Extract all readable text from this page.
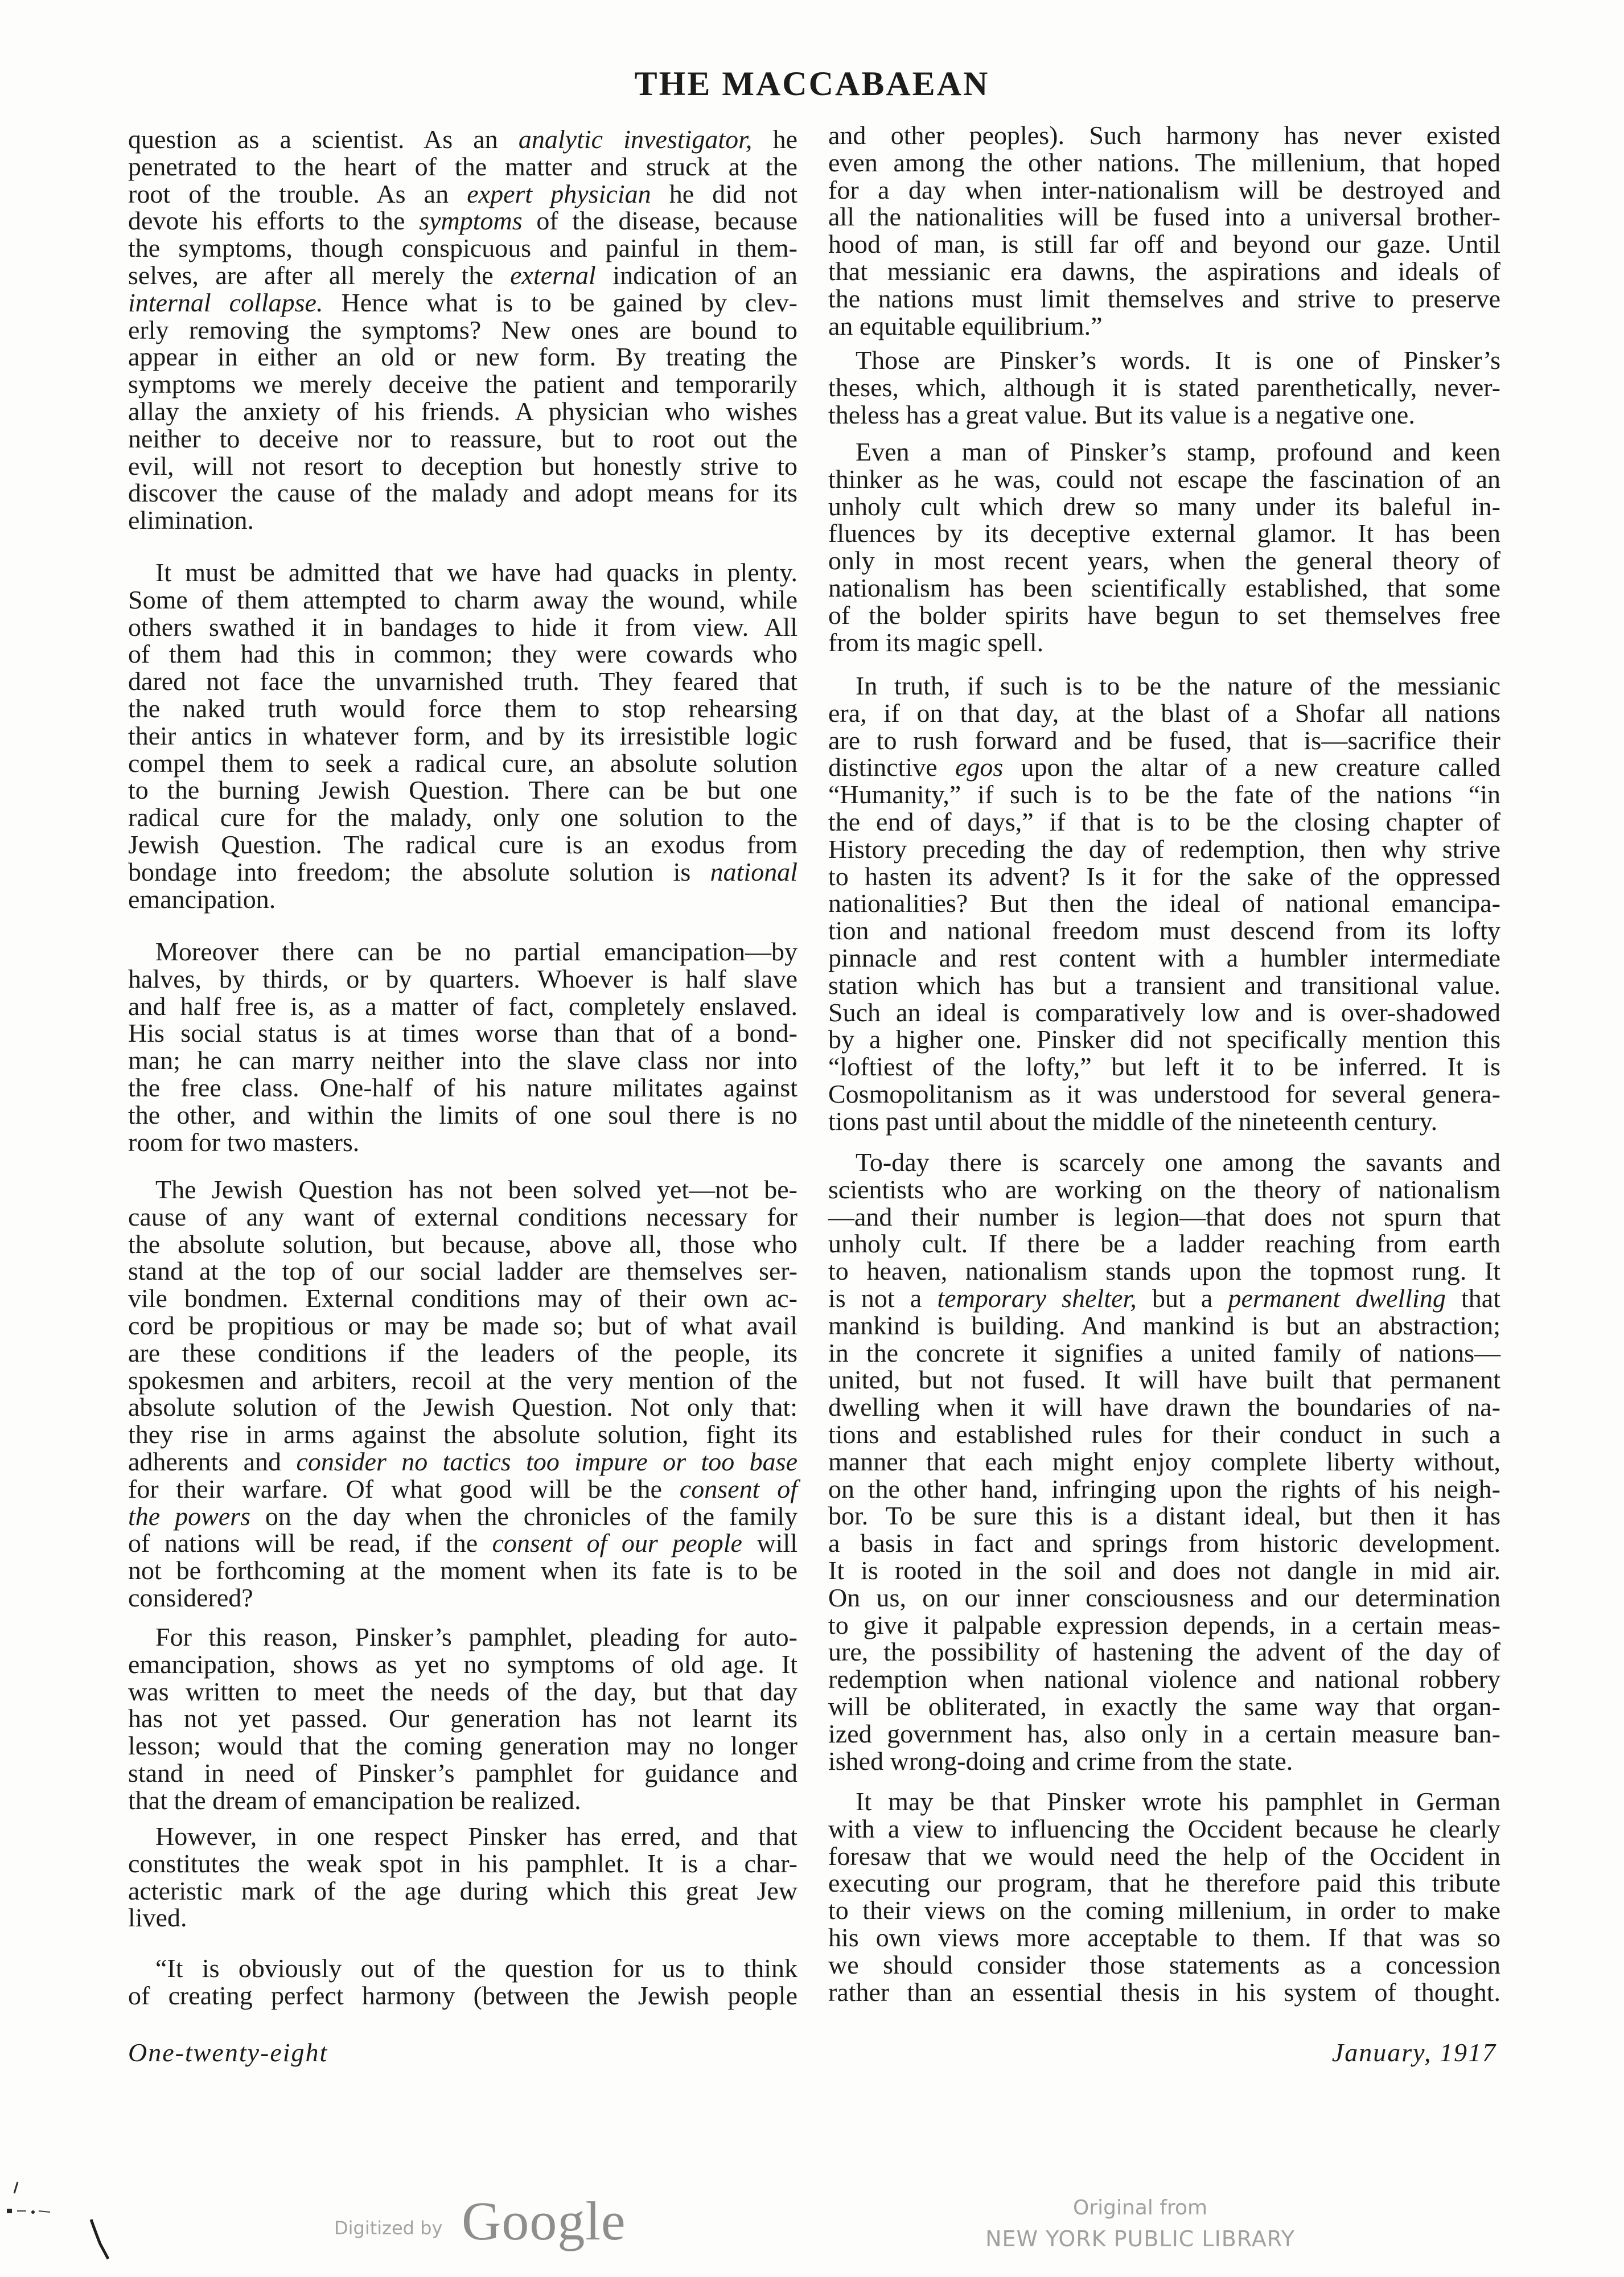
THE MACCABAEAN
question as a scientist. As an analytic investigator, he
penetrated to the heart of the matter and struck at the
root of the trouble. As an expert physician he did not
devote his efforts to the symptoms of the disease, because
the symptoms, though conspicuous and painful in them-
selves, are after all merely the external indication of an
internal collapse. Hence what is to be gained by clev-
erly removing the symptoms? New ones are bound to
appear in either an old or new form. By treating the
symptoms we merely deceive the patient and temporarily
allay the anxiety of his friends. A physician who wishes
neither to deceive nor to reassure, but to root out the
evil, will not resort to deception but honestly strive to
discover the cause of the malady and adopt means for its
elimination.
It must be admitted that we have had quacks in plenty.
Some of them attempted to charm away the wound, while
others swathed it in bandages to hide it from view. All
of them had this in common; they were cowards who
dared not face the unvarnished truth. They feared that
the naked truth would force them to stop rehearsing
their antics in whatever form, and by its irresistible logic
compel them to seek a radical cure, an absolute solution
to the burning Jewish Question. There can be but one
radical cure for the malady, only one solution to the
Jewish Question. The radical cure is an exodus from
bondage into freedom; the absolute solution is national
emancipation.
Moreover there can be no partial emancipation—by
halves, by thirds, or by quarters. Whoever is half slave
and half free is, as a matter of fact, completely enslaved.
His social status is at times worse than that of a bond-
man; he can marry neither into the slave class nor into
the free class. One-half of his nature militates against
the other, and within the limits of one soul there is no
room for two masters.
The Jewish Question has not been solved yet—not be-
cause of any want of external conditions necessary for
the absolute solution, but because, above all, those who
stand at the top of our social ladder are themselves ser-
vile bondmen. External conditions may of their own ac-
cord be propitious or may be made so; but of what avail
are these conditions if the leaders of the people, its
spokesmen and arbiters, recoil at the very mention of the
absolute solution of the Jewish Question. Not only that:
they rise in arms against the absolute solution, fight its
adherents and consider no tactics too impure or too base
for their warfare. Of what good will be the consent of
the powers on the day when the chronicles of the family
of nations will be read, if the consent of our people will
not be forthcoming at the moment when its fate is to be
considered?
For this reason, Pinsker’s pamphlet, pleading for auto-
emancipation, shows as yet no symptoms of old age. It
was written to meet the needs of the day, but that day
has not yet passed. Our generation has not learnt its
lesson; would that the coming generation may no longer
stand in need of Pinsker’s pamphlet for guidance and
that the dream of emancipation be realized.
However, in one respect Pinsker has erred, and that
constitutes the weak spot in his pamphlet. It is a char-
acteristic mark of the age during which this great Jew
lived.
“It is obviously out of the question for us to think
of creating perfect harmony (between the Jewish people
and other peoples). Such harmony has never existed
even among the other nations. The millenium, that hoped
for a day when inter-nationalism will be destroyed and
all the nationalities will be fused into a universal brother-
hood of man, is still far off and beyond our gaze. Until
that messianic era dawns, the aspirations and ideals of
the nations must limit themselves and strive to preserve
an equitable equilibrium.”
Those are Pinsker’s words. It is one of Pinsker’s
theses, which, although it is stated parenthetically, never-
theless has a great value. But its value is a negative one.
Even a man of Pinsker’s stamp, profound and keen
thinker as he was, could not escape the fascination of an
unholy cult which drew so many under its baleful in-
fluences by its deceptive external glamor. It has been
only in most recent years, when the general theory of
nationalism has been scientifically established, that some
of the bolder spirits have begun to set themselves free
from its magic spell.
In truth, if such is to be the nature of the messianic
era, if on that day, at the blast of a Shofar all nations
are to rush forward and be fused, that is—sacrifice their
distinctive egos upon the altar of a new creature called
“Humanity,” if such is to be the fate of the nations “in
the end of days,” if that is to be the closing chapter of
History preceding the day of redemption, then why strive
to hasten its advent? Is it for the sake of the oppressed
nationalities? But then the ideal of national emancipa-
tion and national freedom must descend from its lofty
pinnacle and rest content with a humbler intermediate
station which has but a transient and transitional value.
Such an ideal is comparatively low and is over-shadowed
by a higher one. Pinsker did not specifically mention this
“loftiest of the lofty,” but left it to be inferred. It is
Cosmopolitanism as it was understood for several genera-
tions past until about the middle of the nineteenth century.
To-day there is scarcely one among the savants and
scientists who are working on the theory of nationalism
—and their number is legion—that does not spurn that
unholy cult. If there be a ladder reaching from earth
to heaven, nationalism stands upon the topmost rung. It
is not a temporary shelter, but a permanent dwelling that
mankind is building. And mankind is but an abstraction;
in the concrete it signifies a united family of nations—
united, but not fused. It will have built that permanent
dwelling when it will have drawn the boundaries of na-
tions and established rules for their conduct in such a
manner that each might enjoy complete liberty without,
on the other hand, infringing upon the rights of his neigh-
bor. To be sure this is a distant ideal, but then it has
a basis in fact and springs from historic development.
It is rooted in the soil and does not dangle in mid air.
On us, on our inner consciousness and our determination
to give it palpable expression depends, in a certain meas-
ure, the possibility of hastening the advent of the day of
redemption when national violence and national robbery
will be obliterated, in exactly the same way that organ-
ized government has, also only in a certain measure ban-
ished wrong-doing and crime from the state.
It may be that Pinsker wrote his pamphlet in German
with a view to influencing the Occident because he clearly
foresaw that we would need the help of the Occident in
executing our program, that he therefore paid this tribute
to their views on the coming millenium, in order to make
his own views more acceptable to them. If that was so
we should consider those statements as a concession
rather than an essential thesis in his system of thought.
One-twenty-eight	January, 1917
Digitized by Google	Original from
NEW YORK PUBLIC LIBRARY
